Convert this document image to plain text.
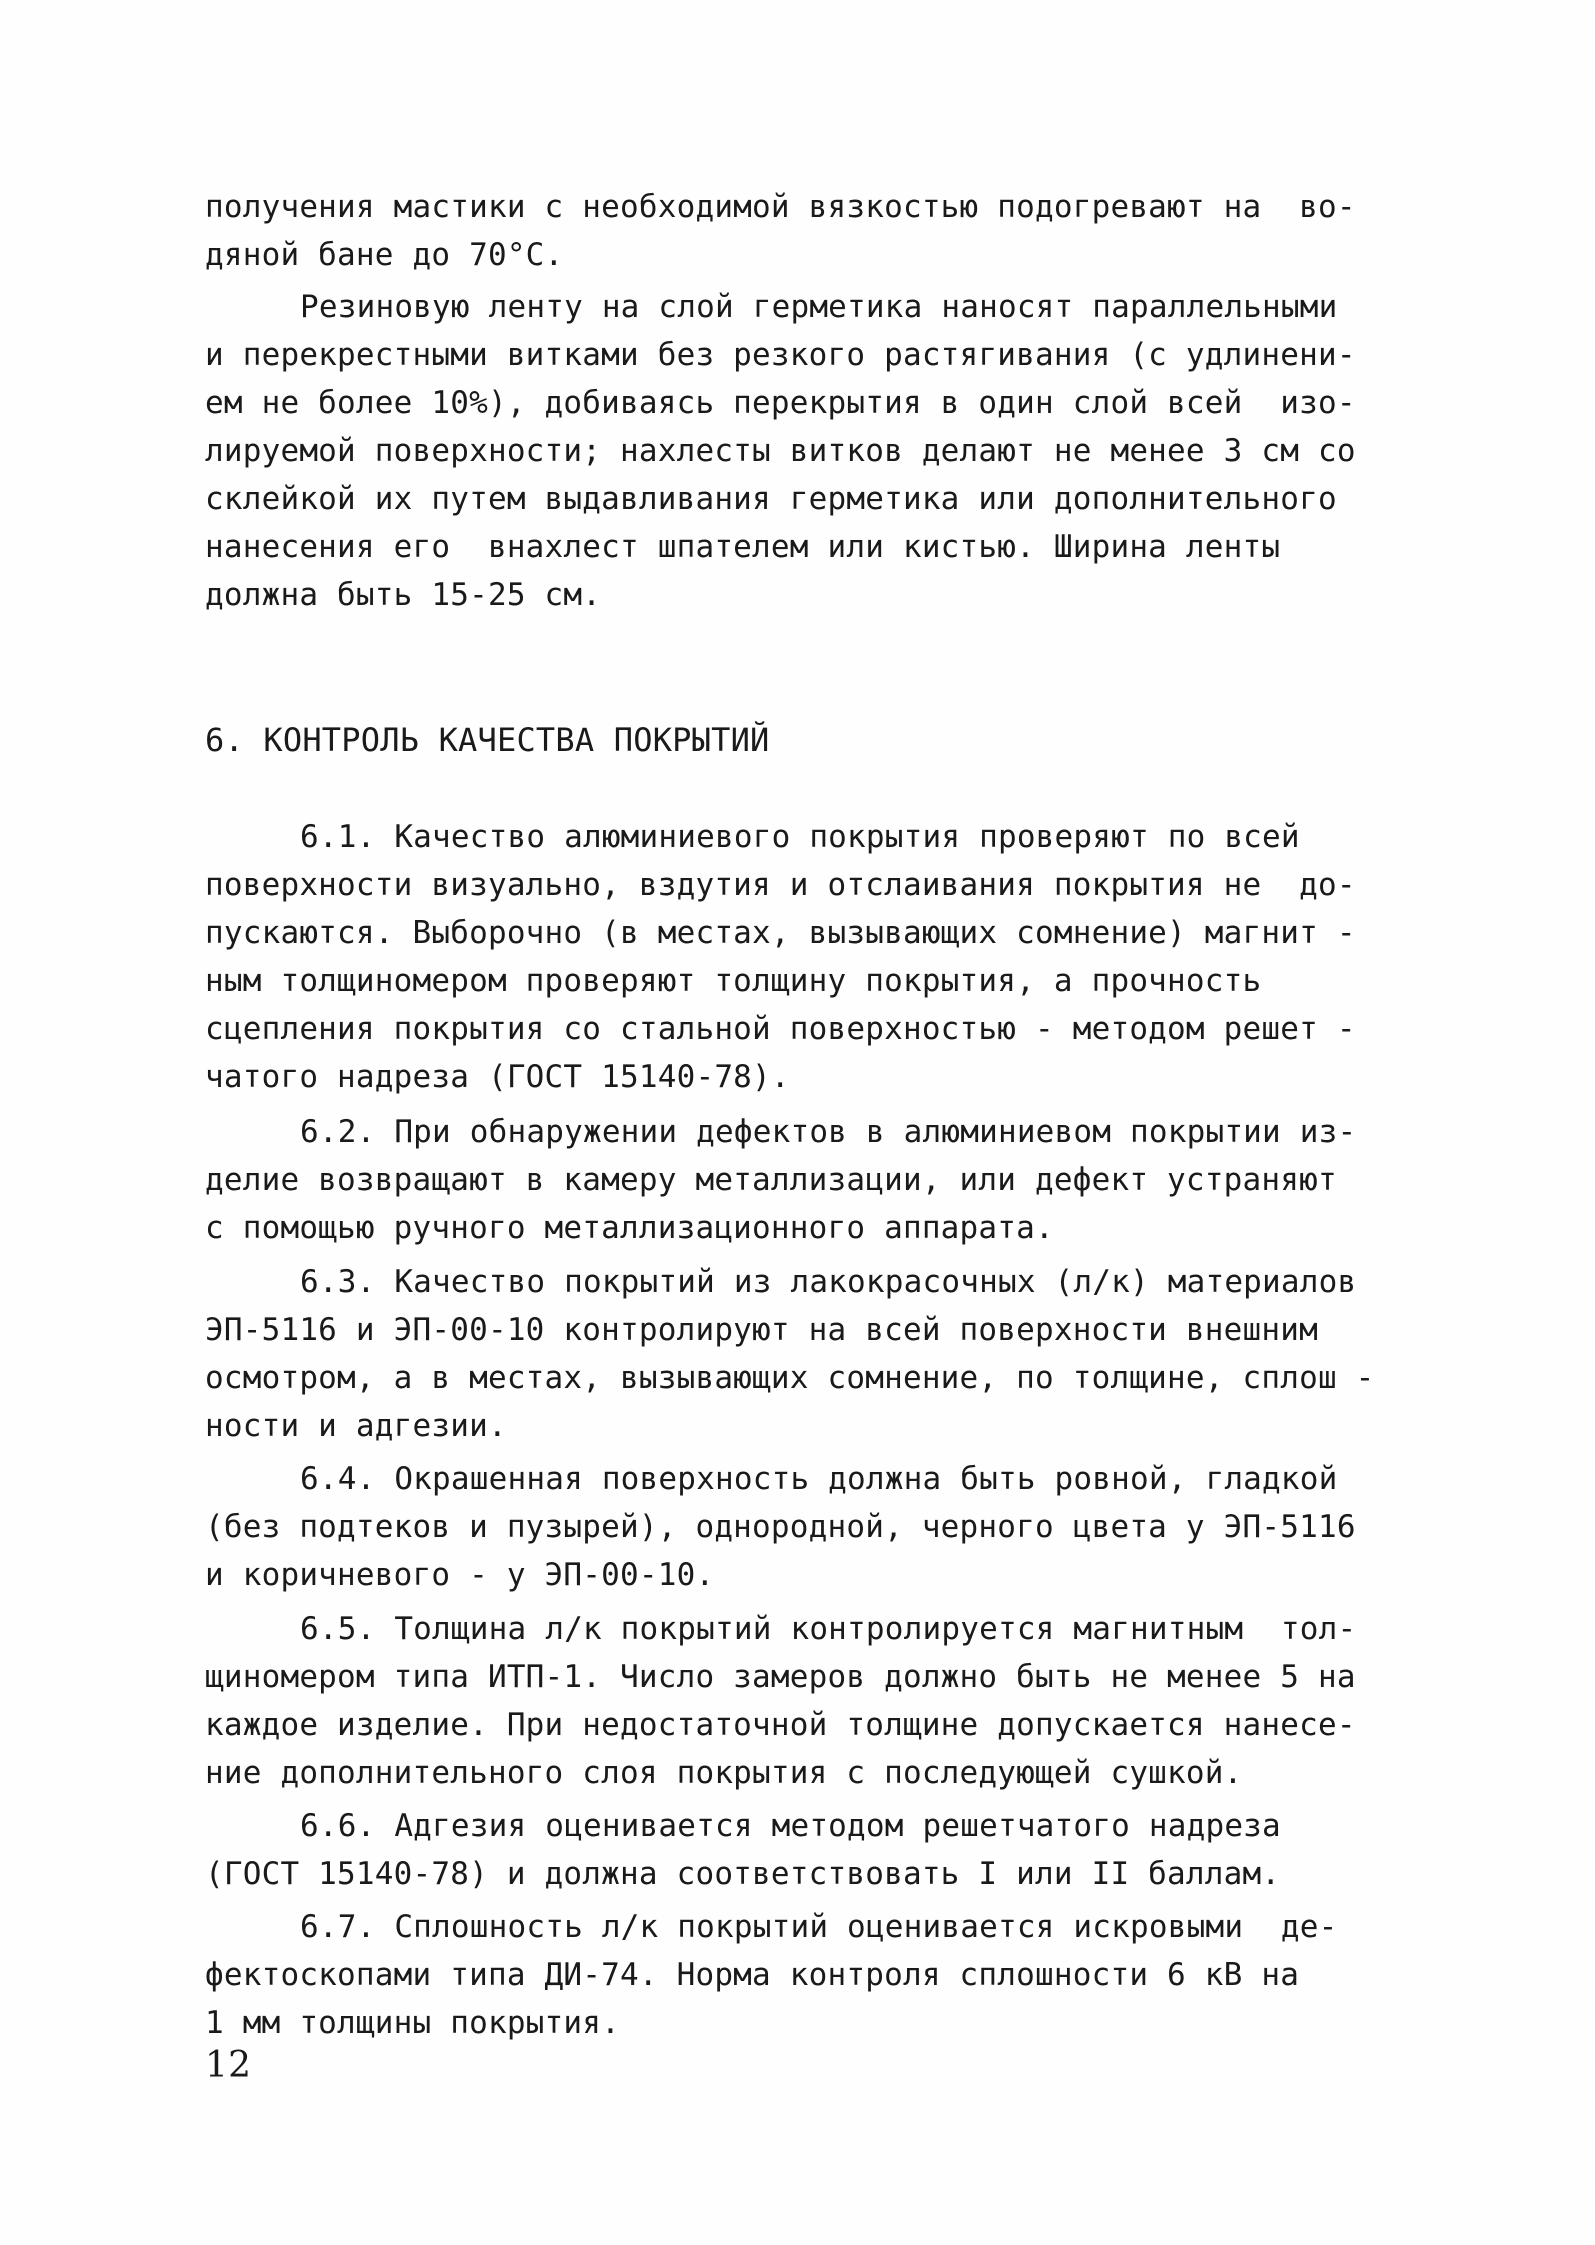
получения мастики с необходимой вязкостью подогревают на  во-
дяной бане до 70°С.
Резиновую ленту на слой герметика наносят параллельными
и перекрестными витками без резкого растягивания (с удлинени-
ем не более 10%), добиваясь перекрытия в один слой всей  изо-
лируемой поверхности; нахлесты витков делают не менее 3 см со
склейкой их путем выдавливания герметика или дополнительного
нанесения его  внахлест шпателем или кистью. Ширина ленты
должна быть 15-25 см.
6. КОНТРОЛЬ КАЧЕСТВА ПОКРЫТИЙ
6.1. Качество алюминиевого покрытия проверяют по всей
поверхности визуально, вздутия и отслаивания покрытия не  до-
пускаются. Выборочно (в местах, вызывающих сомнение) магнит -
ным толщиномером проверяют толщину покрытия, а прочность
сцепления покрытия со стальной поверхностью - методом решет -
чатого надреза (ГОСТ 15140-78).
6.2. При обнаружении дефектов в алюминиевом покрытии из-
делие возвращают в камеру металлизации, или дефект устраняют
с помощью ручного металлизационного аппарата.
6.3. Качество покрытий из лакокрасочных (л/к) материалов
ЭП-5116 и ЭП-00-10 контролируют на всей поверхности внешним
осмотром, а в местах, вызывающих сомнение, по толщине, сплош -
ности и адгезии.
6.4. Окрашенная поверхность должна быть ровной, гладкой
(без подтеков и пузырей), однородной, черного цвета у ЭП-5116
и коричневого - у ЭП-00-10.
6.5. Толщина л/к покрытий контролируется магнитным  тол-
щиномером типа ИТП-1. Число замеров должно быть не менее 5 на
каждое изделие. При недостаточной толщине допускается нанесе-
ние дополнительного слоя покрытия с последующей сушкой.
6.6. Адгезия оценивается методом решетчатого надреза
(ГОСТ 15140-78) и должна соответствовать I или II баллам.
6.7. Сплошность л/к покрытий оценивается искровыми  де-
фектоскопами типа ДИ-74. Норма контроля сплошности 6 кВ на
1 мм толщины покрытия.
12
